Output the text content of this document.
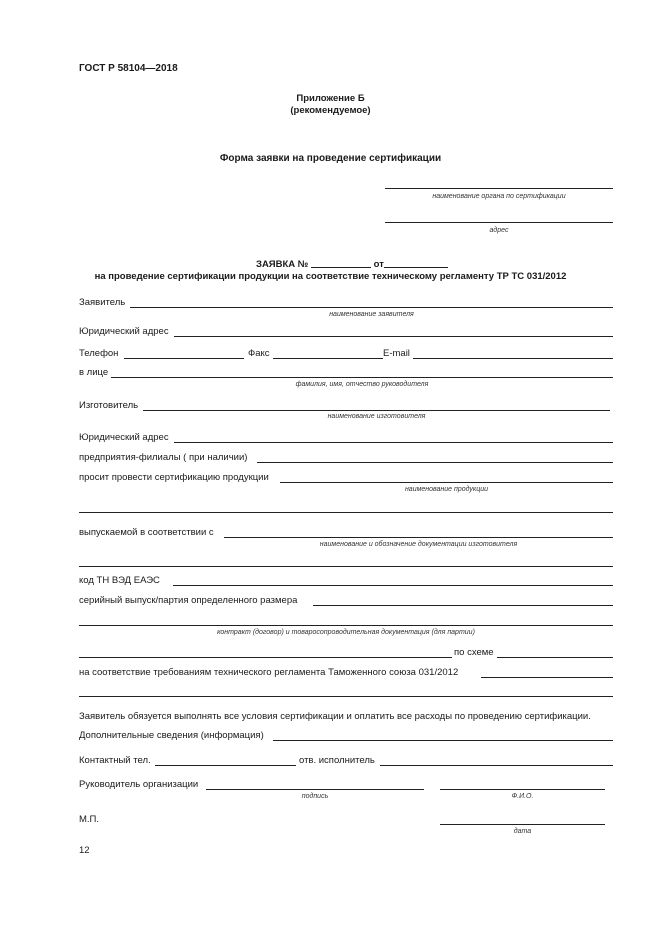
ГОСТ Р 58104—2018
Приложение Б
(рекомендуемое)
Форма заявки на проведение сертификации
наименование органа по сертификации
адрес
ЗАЯВКА №	от
на проведение сертификации продукции на соответствие техническому регламенту ТР ТС 031/2012
Заявитель
наименование заявителя
Юридический адрес
Телефон	Факс	E-mail
в лице
фамилия, имя, отчество руководителя
Изготовитель
наименование изготовителя
Юридический адрес
предприятия-филиалы ( при наличии)
просит провести сертификацию продукции
наименование продукции
выпускаемой в соответствии с
наименование и обозначение документации изготовителя
код ТН ВЭД ЕАЭС
серийный выпуск/партия определенного размера
контракт (договор) и товаросопроводительная документация (для партии)
по схеме
на соответствие требованиям технического регламента Таможенного союза 031/2012
Заявитель обязуется выполнять все условия сертификации и оплатить все расходы по проведению сертификации.
Дополнительные сведения (информация)
Контактный тел.	отв. исполнитель
Руководитель организации
подпись	Ф.И.О.
М.П.
дата
12
